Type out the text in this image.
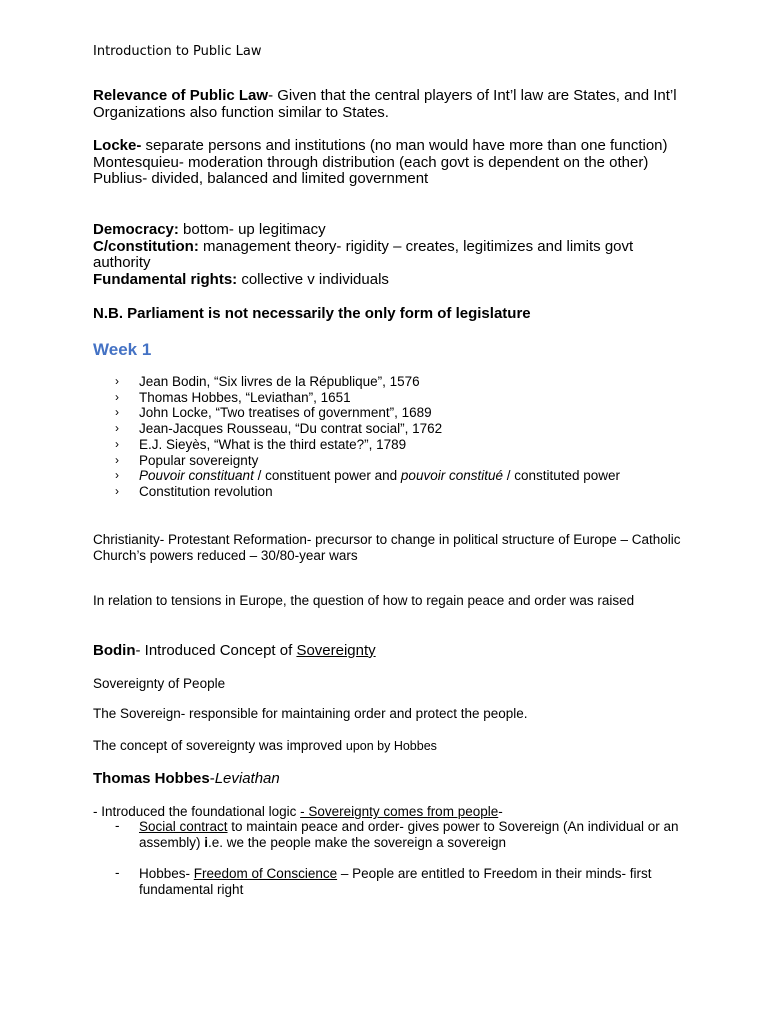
Introduction to Public Law

Relevance of Public Law- Given that the central players of Int’l law are States, and Int’l Organizations also function similar to States.

Locke- separate persons and institutions (no man would have more than one function)

Montesquieu- moderation through distribution (each govt is dependent on the other)

Publius- divided, balanced and limited government

Democracy: bottom- up legitimacy

C/constitution: management theory- rigidity – creates, legitimizes and limits govt authority

Fundamental rights: collective v individuals

N.B. Parliament is not necessarily the only form of legislature

Week 1
› Jean Bodin, “Six livres de la République”, 1576
› Thomas Hobbes, “Leviathan”, 1651
› John Locke, “Two treatises of government”, 1689
› Jean-Jacques Rousseau, “Du contrat social”, 1762
› E.J. Sieyès, “What is the third estate?”, 1789
› Popular sovereignty
› Pouvoir constituant / constituent power and pouvoir constitué / constituted power
› Constitution revolution
Christianity- Protestant Reformation- precursor to change in political structure of Europe – Catholic Church’s powers reduced – 30/80-year wars
In relation to tensions in Europe, the question of how to regain peace and order was raised
Bodin- Introduced Concept of Sovereignty
Sovereignty of People
The Sovereign- responsible for maintaining order and protect the people.
The concept of sovereignty was improved upon by Hobbes
Thomas Hobbes-Leviathan
- Introduced the foundational logic - Sovereignty comes from people-
- Social contract to maintain peace and order- gives power to Sovereign (An individual or an assembly) i.e. we the people make the sovereign a sovereign
- Hobbes- Freedom of Conscience – People are entitled to Freedom in their minds- first fundamental right
